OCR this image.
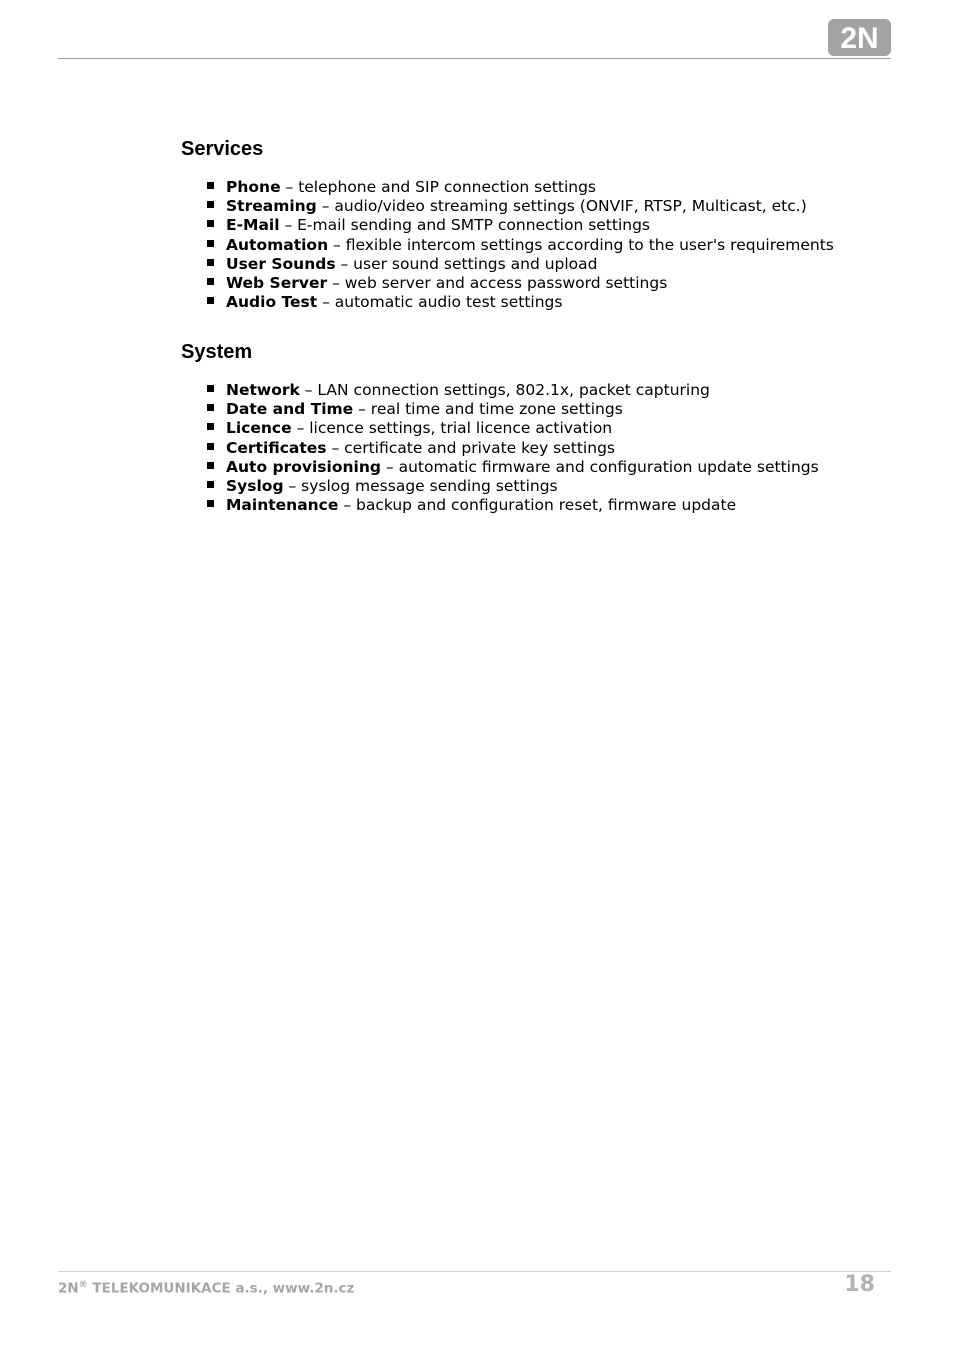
2N
Services
Phone – telephone and SIP connection settings
Streaming – audio/video streaming settings (ONVIF, RTSP, Multicast, etc.)
E-Mail – E-mail sending and SMTP connection settings
Automation – flexible intercom settings according to the user's requirements
User Sounds – user sound settings and upload
Web Server – web server and access password settings
Audio Test – automatic audio test settings
System
Network – LAN connection settings, 802.1x, packet capturing
Date and Time – real time and time zone settings
Licence – licence settings, trial licence activation
Certificates – certificate and private key settings
Auto provisioning – automatic firmware and configuration update settings
Syslog – syslog message sending settings
Maintenance – backup and configuration reset, firmware update
2N® TELEKOMUNIKACE a.s., www.2n.cz	18
